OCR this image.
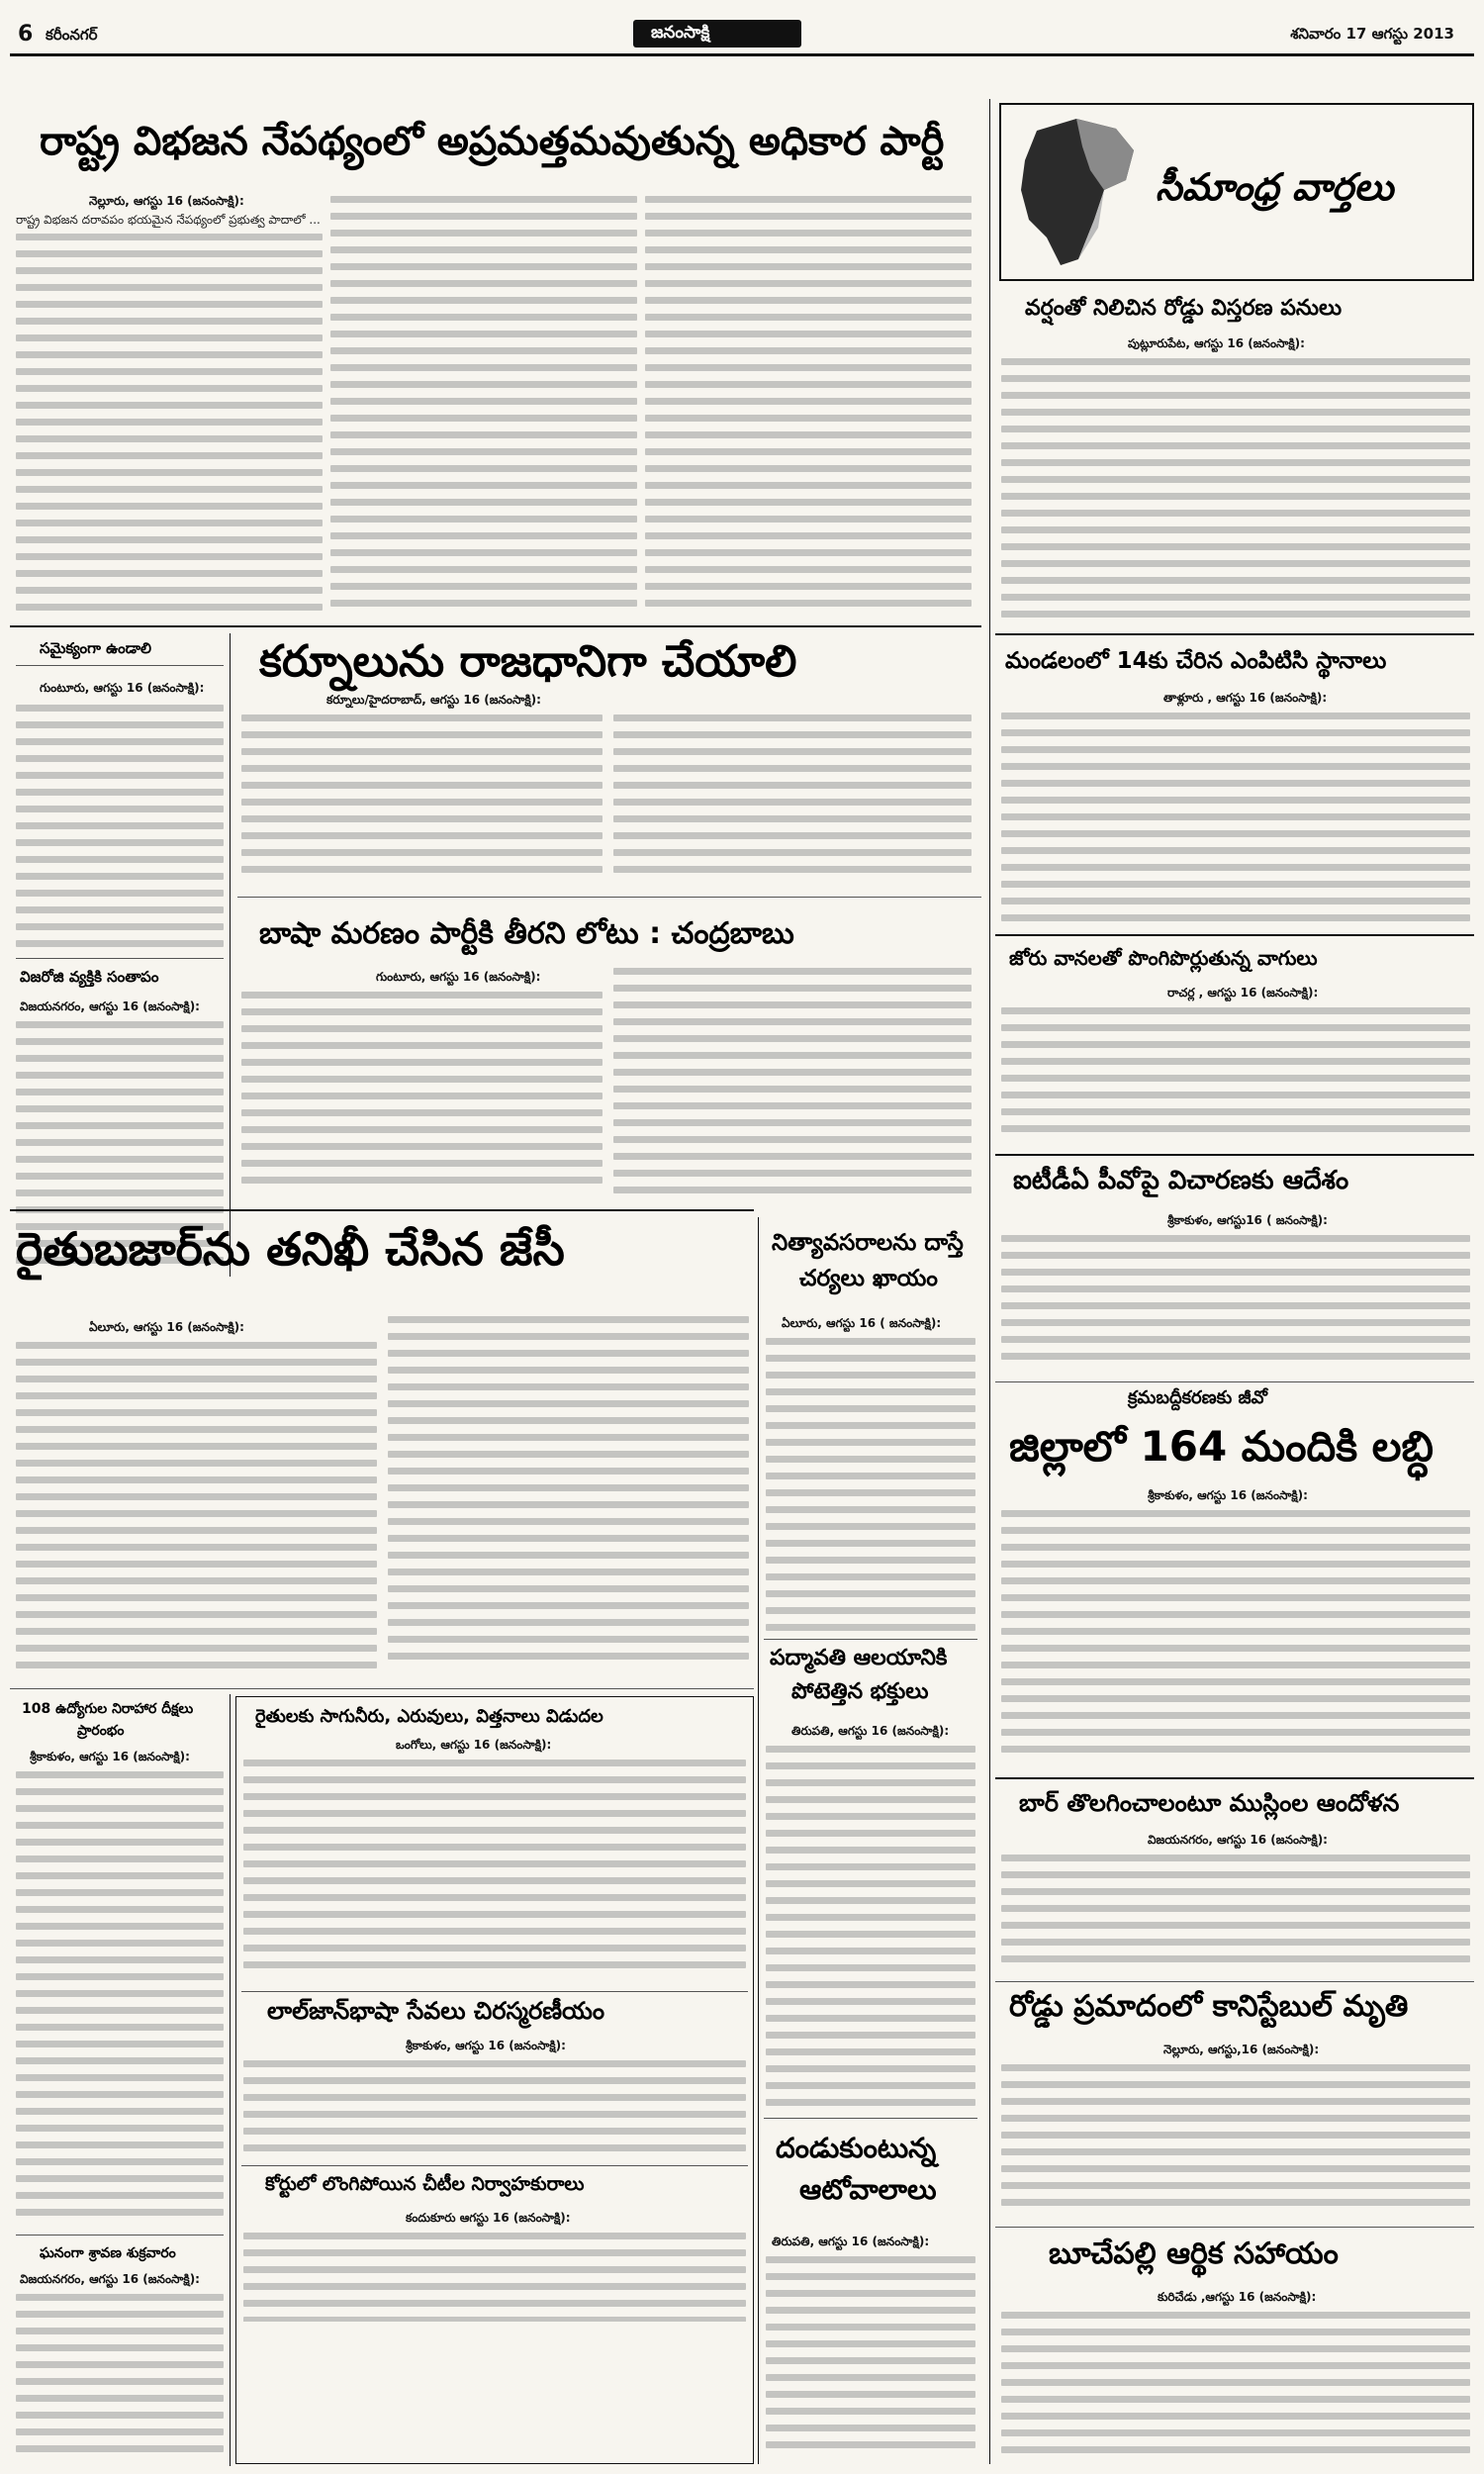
6 కరీంనగర్	జనంసాక్షి	శనివారం 17 ఆగస్టు 2013
రాష్ట్ర విభజన నేపథ్యంలో అప్రమత్తమవుతున్న అధికార పార్టీ
నెల్లూరు, ఆగస్టు 16 (జనంసాక్షి):
రాష్ట్ర విభజన దరావపం భయమైన నేపథ్యంలో ప్రభుత్వ పాదాలో ...
సమైక్యంగా ఉండాలి
గుంటూరు, ఆగస్టు 16 (జనంసాక్షి):
విజరోజి వ్యక్తికి సంతాపం
విజయనగరం, ఆగస్టు 16 (జనంసాక్షి):
కర్నూలును రాజధానిగా చేయాలి
కర్నూలు/హైదరాబాద్, ఆగస్టు 16 (జనంసాక్షి):
బాషా మరణం పార్టీకి తీరని లోటు : చంద్రబాబు
గుంటూరు, ఆగస్టు 16 (జనంసాక్షి):
రైతుబజార్‌ను తనిఖీ చేసిన జేసీ
ఏలూరు, ఆగస్టు 16 (జనంసాక్షి):
నిత్యావసరాలను దాస్తే
చర్యలు ఖాయం
ఏలూరు, ఆగస్టు 16 ( జనంసాక్షి):
పద్మావతి ఆలయానికి
పోటెత్తిన భక్తులు
తిరుపతి, ఆగస్టు 16 (జనంసాక్షి):
దండుకుంటున్న
ఆటోవాలాలు
తిరుపతి, ఆగస్టు 16 (జనంసాక్షి):
108 ఉద్యోగుల నిరాహార దీక్షలు
ప్రారంభం
శ్రీకాకుళం, ఆగస్టు 16 (జనంసాక్షి):
ఘనంగా శ్రావణ శుక్రవారం
విజయనగరం, ఆగస్టు 16 (జనంసాక్షి):
రైతులకు సాగునీరు, ఎరువులు, విత్తనాలు విడుదల
ఒంగోలు, ఆగస్టు 16 (జనంసాక్షి):
లాల్‌జాన్‌భాషా సేవలు చిరస్మరణీయం
శ్రీకాకుళం, ఆగస్టు 16 (జనంసాక్షి):
కోర్టులో లొంగిపోయిన చీటీల నిర్వాహకురాలు
కందుకూరు ఆగస్టు 16 (జనంసాక్షి):
సీమాంధ్ర వార్తలు
వర్షంతో నిలిచిన రోడ్డు విస్తరణ పనులు
పుట్లూరుపేట, ఆగస్టు 16 (జనంసాక్షి):
మండలంలో 14కు చేరిన ఎంపిటిసి స్థానాలు
తాళ్లూరు , ఆగస్టు 16 (జనంసాక్షి):
జోరు వానలతో పొంగిపొర్లుతున్న వాగులు
రాచర్ల , ఆగస్టు 16 (జనంసాక్షి):
ఐటీడీఏ పీవోపై విచారణకు ఆదేశం
శ్రీకాకుళం, ఆగస్టు16 ( జనంసాక్షి):
క్రమబద్దీకరణకు జీవో
జిల్లాలో 164 మందికి లబ్ధి
శ్రీకాకుళం, ఆగస్టు 16 (జనంసాక్షి):
బార్ తొలగించాలంటూ ముస్లింల ఆందోళన
విజయనగరం, ఆగస్టు 16 (జనంసాక్షి):
రోడ్డు ప్రమాదంలో కానిస్టేబుల్ మృతి
నెల్లూరు, ఆగస్టు,16 (జనంసాక్షి):
బూచేపల్లి ఆర్థిక సహాయం
కురిచేడు ,ఆగస్టు 16 (జనంసాక్షి):
